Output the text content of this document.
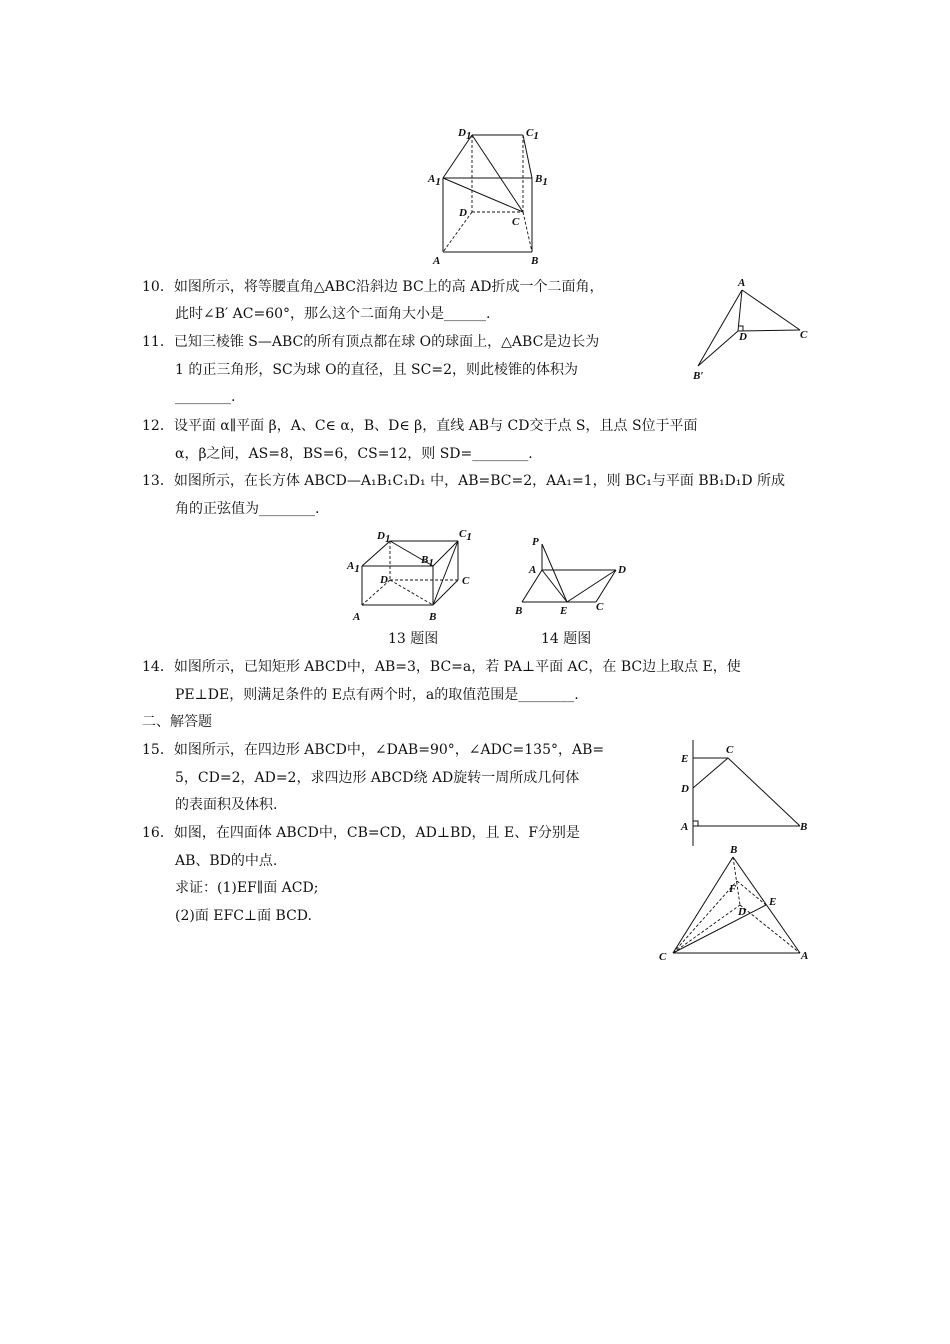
D1	C1
A1	B1
D
C
A	B
A
D	C
B′
D1	C1
A1
B1
D	C
A	B
13 题图
P
A	D
B	E	C
14 题图
E
C
D
A	B
B
F
E
D
C	A
10．如图所示，将等腰直角△ABC沿斜边 BC上的高 AD折成一个二面角，
此时∠B′ AC=60°，那么这个二面角大小是______.
11．已知三棱锥 S—ABC的所有顶点都在球 O的球面上，△ABC是边长为
1 的正三角形，SC为球 O的直径，且 SC=2，则此棱锥的体积为
________.
12．设平面 α∥平面 β，A、C∈ α，B、D∈ β，直线 AB与 CD交于点 S，且点 S位于平面
α，β之间，AS=8，BS=6，CS=12，则 SD=________.
13．如图所示，在长方体 ABCD—A₁B₁C₁D₁ 中，AB=BC=2，AA₁=1，则 BC₁与平面 BB₁D₁D 所成
角的正弦值为________.
14．如图所示，已知矩形 ABCD中，AB=3，BC=a，若 PA⊥平面 AC，在 BC边上取点 E，使
PE⊥DE，则满足条件的 E点有两个时，a的取值范围是________.
二、解答题
15．如图所示，在四边形 ABCD中，∠DAB=90°，∠ADC=135°，AB=
5，CD=2，AD=2，求四边形 ABCD绕 AD旋转一周所成几何体
的表面积及体积.
16．如图，在四面体 ABCD中，CB=CD，AD⊥BD，且 E、F分别是
AB、BD的中点.
求证：(1)EF∥面 ACD;
(2)面 EFC⊥面 BCD.
